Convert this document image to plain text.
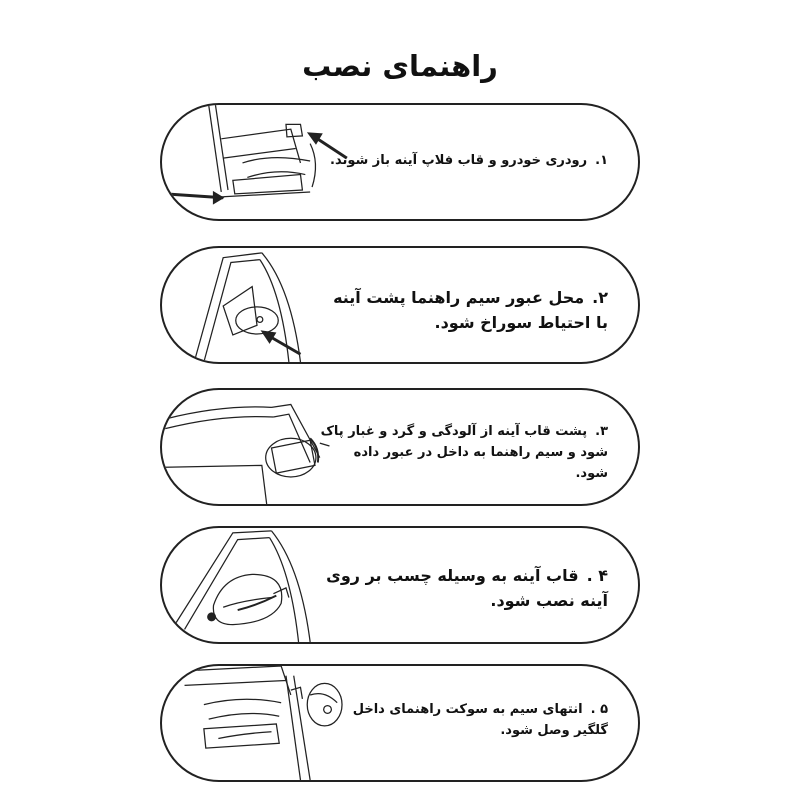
راهنمای نصب
۱.رودری خودرو و قاب فلاپ آینه باز شوند.
۲.محل عبور سیم راهنما پشت آینه با احتیاط سوراخ شود.
۳.پشت قاب آینه از آلودگی و گرد و غبار پاک شود و سیم راهنما به داخل در عبور داده شود.
۴ .قاب آینه به وسیله چسب بر روی آینه نصب شود.
۵ .انتهای سیم به سوکت راهنمای داخل گلگیر وصل شود.
